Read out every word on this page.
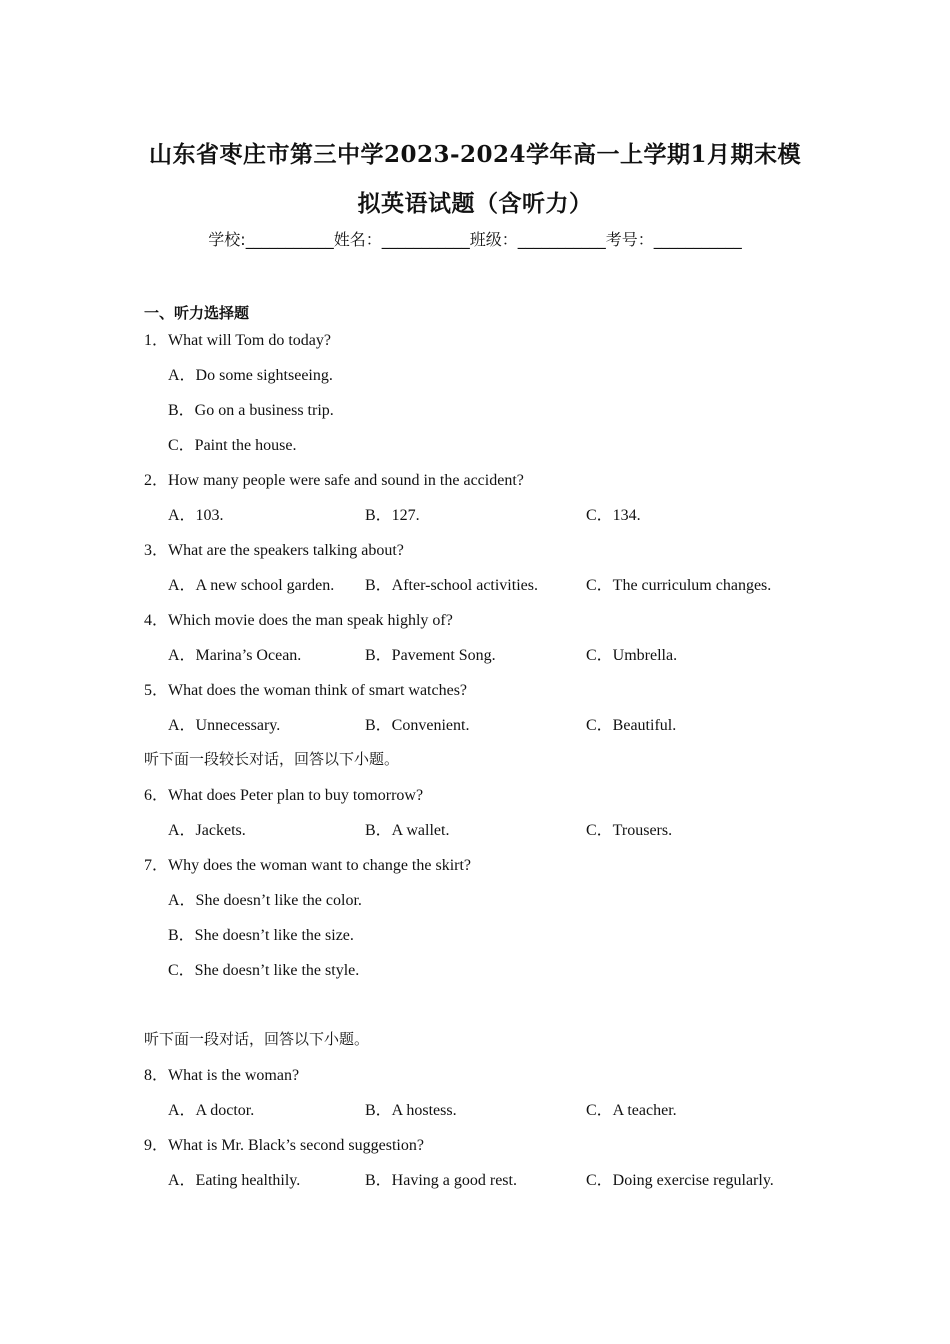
山东省枣庄市第三中学2023-2024学年高一上学期1月期末模
拟英语试题（含听力）
学校:___________姓名：___________班级：___________考号：___________
一、听力选择题
1．What will Tom do today?
A．Do some sightseeing.
B．Go on a business trip.
C．Paint the house.
2．How many people were safe and sound in the accident?
A．103.	B．127.	C．134.
3．What are the speakers talking about?
A．A new school garden. B．After-school activities.	C．The curriculum changes.
4．Which movie does the man speak highly of?
A．Marina’s Ocean.	B．Pavement Song.	C．Umbrella.
5．What does the woman think of smart watches?
A．Unnecessary.	B．Convenient.	C．Beautiful.
听下面一段较长对话，回答以下小题。
6．What does Peter plan to buy tomorrow?
A．Jackets.	B．A wallet.	C．Trousers.
7．Why does the woman want to change the skirt?
A．She doesn’t like the color.
B．She doesn’t like the size.
C．She doesn’t like the style.
听下面一段对话，回答以下小题。
8．What is the woman?
A．A doctor.	B．A hostess.	C．A teacher.
9．What is Mr. Black’s second suggestion?
A．Eating healthily.	B．Having a good rest.	C．Doing exercise regularly.
